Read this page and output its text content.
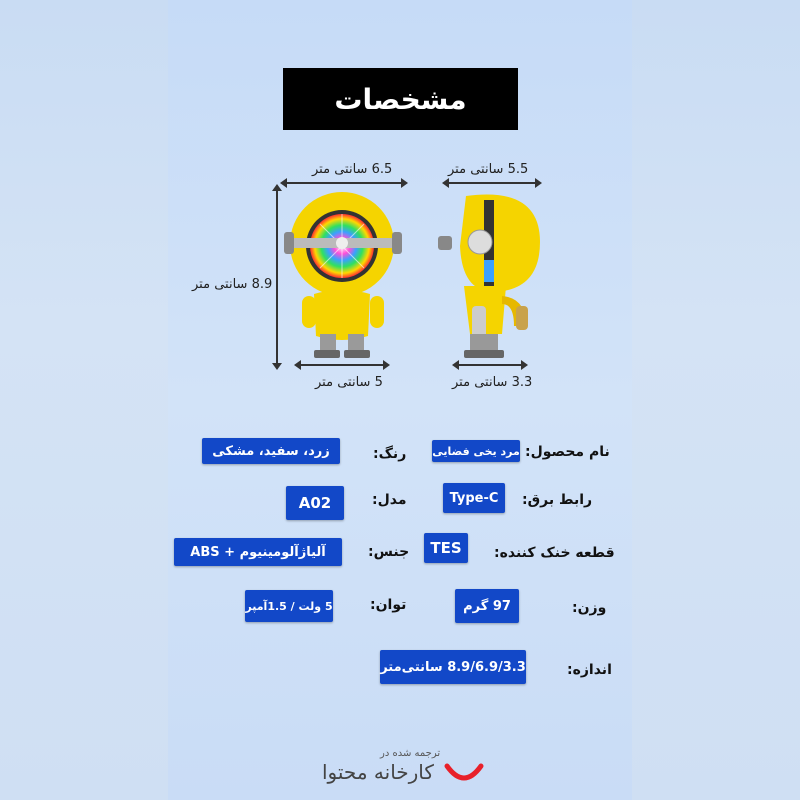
مشخصات
6.5 سانتی متر	5.5 سانتی متر
8.9 سانتی متر
5 سانتی متر	3.3 سانتی متر
نام محصول:
مرد یخی فضایی
رنگ:
زرد، سفید، مشکی
رابط برق:
Type-C
مدل:
A02
قطعه خنک کننده:
TES
جنس:
آلیاژآلومینیوم + ABS
وزن:
97 گرم
توان:
5 ولت / 1.5آمپر
اندازه:
8.9/6.9/3.3 سانتی‌متر
ترجمه شده در
کارخانه محتوا
